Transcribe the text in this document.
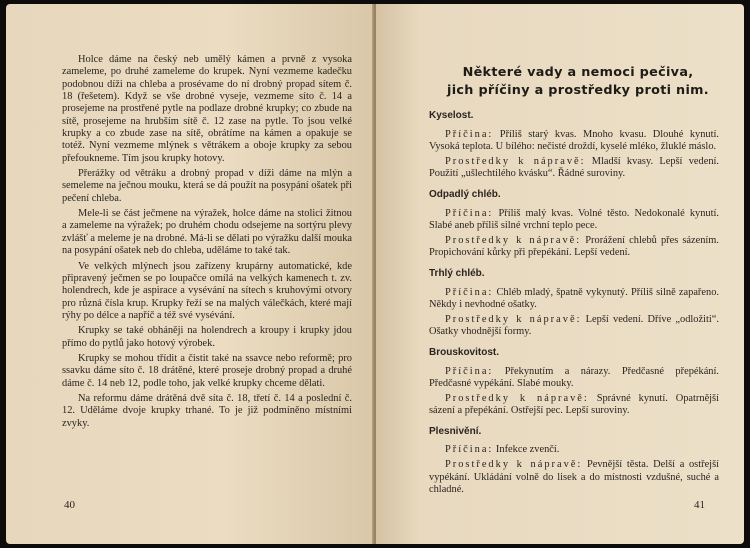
Holce dáme na český neb umělý kámen a prvně z vysoka zameleme, po druhé zameleme do krupek. Nyní vezmeme kadečku podobnou díži na chleba a prosévame do ní drobný propad sítem č. 18 (řešetem). Když se vše drobné vyseje, vezmeme síto č. 14 a prosejeme na prostřené pytle na podlaze drobné krupky; co zbude na sítě, prosejeme na hrubším sítě č. 12 zase na pytle. To jsou velké krupky a co zbude zase na sítě, obrátíme na kámen a opakuje se totéž. Nyní vezmeme mlýnek s větrákem a oboje krupky za sebou přefoukneme. Tím jsou krupky hotovy.

Přerážky od větráku a drobný propad v díži dáme na mlýn a semeleme na ječnou mouku, která se dá použít na posypání ošatek při pečení chleba.

Mele-li se část ječmene na výražek, holce dáme na stolici žitnou a zameleme na výražek; po druhém chodu odsejeme na sortýru plevy zvlášť a meleme je na drobné. Má-li se dělati po výražku další mouka na posypání ošatek neb do chleba, uděláme to také tak.

Ve velkých mlýnech jsou zařízeny krupárny automatické, kde připravený ječmen se po loupačce omílá na velkých kamenech t. zv. holendrech, kde je aspirace a vysévání na sítech s kruhovými otvory pro různá čísla krup. Krupky řeží se na malých válečkách, které mají rýhy po délce a napříč a též své vysévání.

Krupky se také obháněji na holendrech a kroupy i krupky jdou přímo do pytlů jako hotový výrobek.

Krupky se mohou třídit a čistit také na ssavce nebo reformě; pro ssavku dáme síto č. 18 drátěné, které proseje drobný propad a druhé dáme č. 14 neb 12, podle toho, jak velké krupky chceme dělati.

Na reformu dáme drátěná dvě síta č. 18, třetí č. 14 a poslední č. 12. Uděláme dvoje krupky trhané. To je již podmíněno místními zvyky.

40
Některé vady a nemoci pečiva,
jich příčiny a prostředky proti nim.
Kyselost.

Příčina: Příliš starý kvas. Mnoho kvasu. Dlouhé kynutí. Vysoká teplota. U bílého: nečisté droždí, kyselé mléko, žluklé máslo.

Prostředky k nápravě: Mladší kvasy. Lepší vedení. Použití „ušlechtilého kvásku“. Řádné suroviny.

Odpadlý chléb.

Příčina: Příliš malý kvas. Volné těsto. Nedokonalé kynutí. Slabé aneb příliš silné vrchní teplo pece.

Prostředky k nápravě: Prorážení chlebů přes sázením. Propichování kůrky při přepékání. Lepší vedení.

Trhlý chléb.

Příčina: Chléb mladý, špatně vykynutý. Příliš silně zapařeno. Někdy i nevhodné ošatky.

Prostředky k nápravě: Lepší vedení. Dříve „odložiti“. Ošatky vhodnější formy.

Brouskovitost.

Příčina: Překynutím a nárazy. Předčasné přepékání. Předčasné vypékání. Slabé mouky.

Prostředky k nápravě: Správné kynutí. Opatrnější sázení a přepékání. Ostřejší pec. Lepší suroviny.

Plesnivění.

Příčina: Infekce zvenčí.

Prostředky k nápravě: Pevnější těsta. Delší a ostřejší vypékání. Ukládání volně do lisek a do místnosti vzdušné, suché a chladné.

41
